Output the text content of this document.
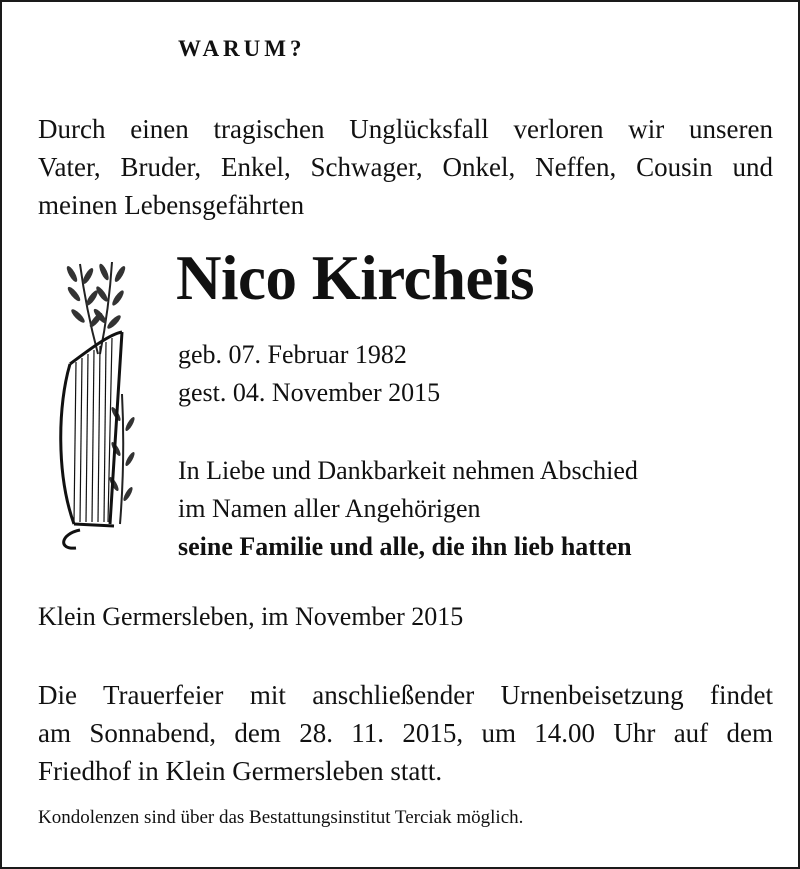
WARUM?
Durch einen tragischen Unglücksfall verloren wir unseren
Vater, Bruder, Enkel, Schwager, Onkel, Neffen, Cousin und
meinen Lebensgefährten
Nico Kircheis
geb. 07. Februar 1982
gest. 04. November 2015
In Liebe und Dankbarkeit nehmen Abschied
im Namen aller Angehörigen
seine Familie und alle, die ihn lieb hatten
Klein Germersleben, im November 2015
Die Trauerfeier mit anschließender Urnenbeisetzung findet
am Sonnabend, dem 28. 11. 2015, um 14.00 Uhr auf dem
Friedhof in Klein Germersleben statt.
Kondolenzen sind über das Bestattungsinstitut Terciak möglich.
